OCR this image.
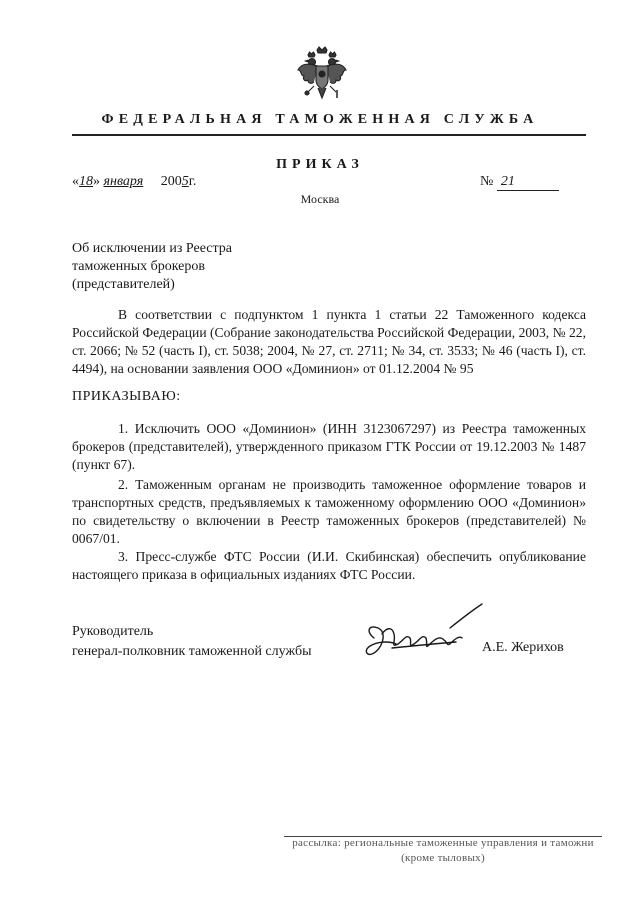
ФЕДЕРАЛЬНАЯ ТАМОЖЕННАЯ СЛУЖБА
ПРИКАЗ
«18» января 2005г.	№ 21
Москва
Об исключении из Реестра
таможенных брокеров
(представителей)
В соответствии с подпунктом 1 пункта 1 статьи 22 Таможенного кодекса Российской Федерации (Собрание законодательства Российской Федерации, 2003, № 22, ст. 2066; № 52 (часть I), ст. 5038; 2004, № 27, ст. 2711; № 34, ст. 3533; № 46 (часть I), ст. 4494), на основании заявления ООО «Доминион» от 01.12.2004 № 95
ПРИКАЗЫВАЮ:
1. Исключить ООО «Доминион» (ИНН 3123067297) из Реестра таможенных брокеров (представителей), утвержденного приказом ГТК России от 19.12.2003 № 1487 (пункт 67).
2. Таможенным органам не производить таможенное оформление товаров и транспортных средств, предъявляемых к таможенному оформлению ООО «Доминион» по свидетельству о включении в Реестр таможенных брокеров (представителей) № 0067/01.
3. Пресс-службе ФТС России (И.И. Скибинская) обеспечить опубликование настоящего приказа в официальных изданиях ФТС России.
Руководитель
генерал-полковник таможенной службы	А.Е. Жерихов
рассылка: региональные таможенные управления и таможни
(кроме тыловых)
